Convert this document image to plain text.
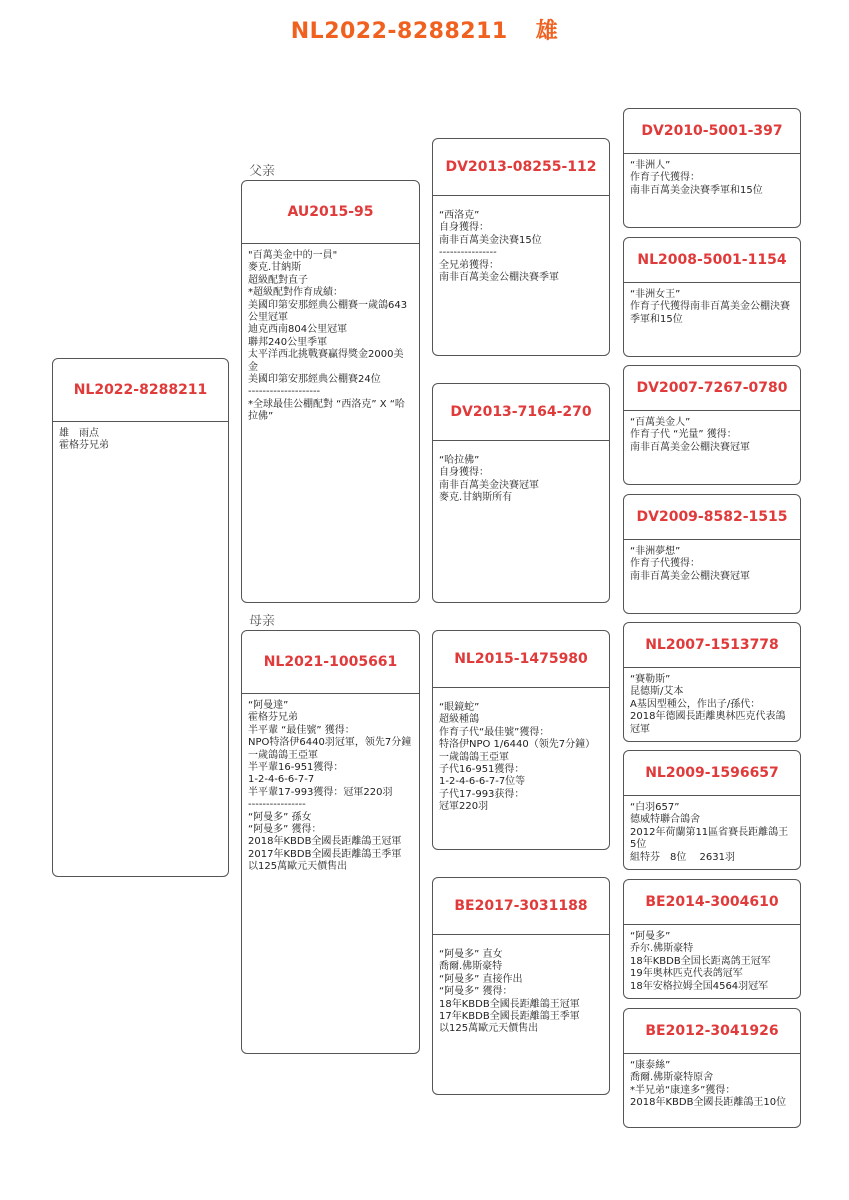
NL2022-8288211 雄
父亲
母亲
NL2022-8288211
雄　雨点
霍格芬兄弟
AU2015-95
"百萬美金中的一員"
麥克.甘納斯
超級配對直子
*超級配對作育成績：
美國印第安那經典公棚賽一歲鴿643公里冠軍
迪克西南804公里冠軍
聯邦240公里季軍
太平洋西北挑戰賽贏得獎金2000美金
美國印第安那經典公棚賽24位
--------------------
*全球最佳公棚配對 “西洛克” X “哈拉佛”
NL2021-1005661
“阿曼達”
霍格芬兄弟
半平輩 “最佳號” 獲得：
NPO特洛伊6440羽冠軍，领先7分鐘
一歲鴿鴿王亞軍
半平輩16-951獲得：
1-2-4-6-6-7-7
半平輩17-993獲得：冠軍220羽
----------------
“阿曼多” 孫女
“阿曼多” 獲得：
2018年KBDB全國長距離鴿王冠軍
2017年KBDB全國長距離鴿王季軍
以125萬歐元天價售出
DV2013-08255-112
“西洛克”
自身獲得：
南非百萬美金決賽15位
----------------
全兄弟獲得：
南非百萬美金公棚決賽季軍
DV2013-7164-270
“哈拉佛”
自身獲得：
南非百萬美金決賽冠軍
麥克.甘納斯所有
NL2015-1475980
“眼鏡蛇”
超級種鴿
作育子代“最佳號”獲得：
特洛伊NPO 1/6440（领先7分鐘）
一歲鴿鴿王亞軍
子代16-951獲得：
1-2-4-6-6-7-7位等
子代17-993获得：
冠軍220羽
BE2017-3031188
“阿曼多” 直女
喬爾.佛斯豪特
“阿曼多” 直接作出
“阿曼多” 獲得：
18年KBDB全國長距離鴿王冠軍
17年KBDB全國長距離鴿王季軍
以125萬歐元天價售出
DV2010-5001-397
“非洲人”
作育子代獲得：
南非百萬美金決賽季軍和15位
NL2008-5001-1154
“非洲女王”
作育子代獲得南非百萬美金公棚決賽季軍和15位
DV2007-7267-0780
“百萬美金人”
作育子代 “光量” 獲得：
南非百萬美金公棚決賽冠軍
DV2009-8582-1515
“非洲夢想”
作育子代獲得：
南非百萬美金公棚決賽冠軍
NL2007-1513778
“賽勒斯”
昆德斯/艾本
A基因型種公，作出子/孫代：
2018年德國長距離奧林匹克代表鴿冠軍
NL2009-1596657
“白羽657”
德威特聯合鴿舍
2012年荷蘭第11區省賽長距離鴿王5位
組特芬　8位　 2631羽
BE2014-3004610
“阿曼多”
乔尔.佛斯豪特
18年KBDB全国长距离鸽王冠军
19年奥林匹克代表鸽冠军
18年安格拉姆全国4564羽冠军
BE2012-3041926
“康泰絲”
喬爾.佛斯豪特原舍
*半兄弟“康達多”獲得：
2018年KBDB全國長距離鴿王10位
